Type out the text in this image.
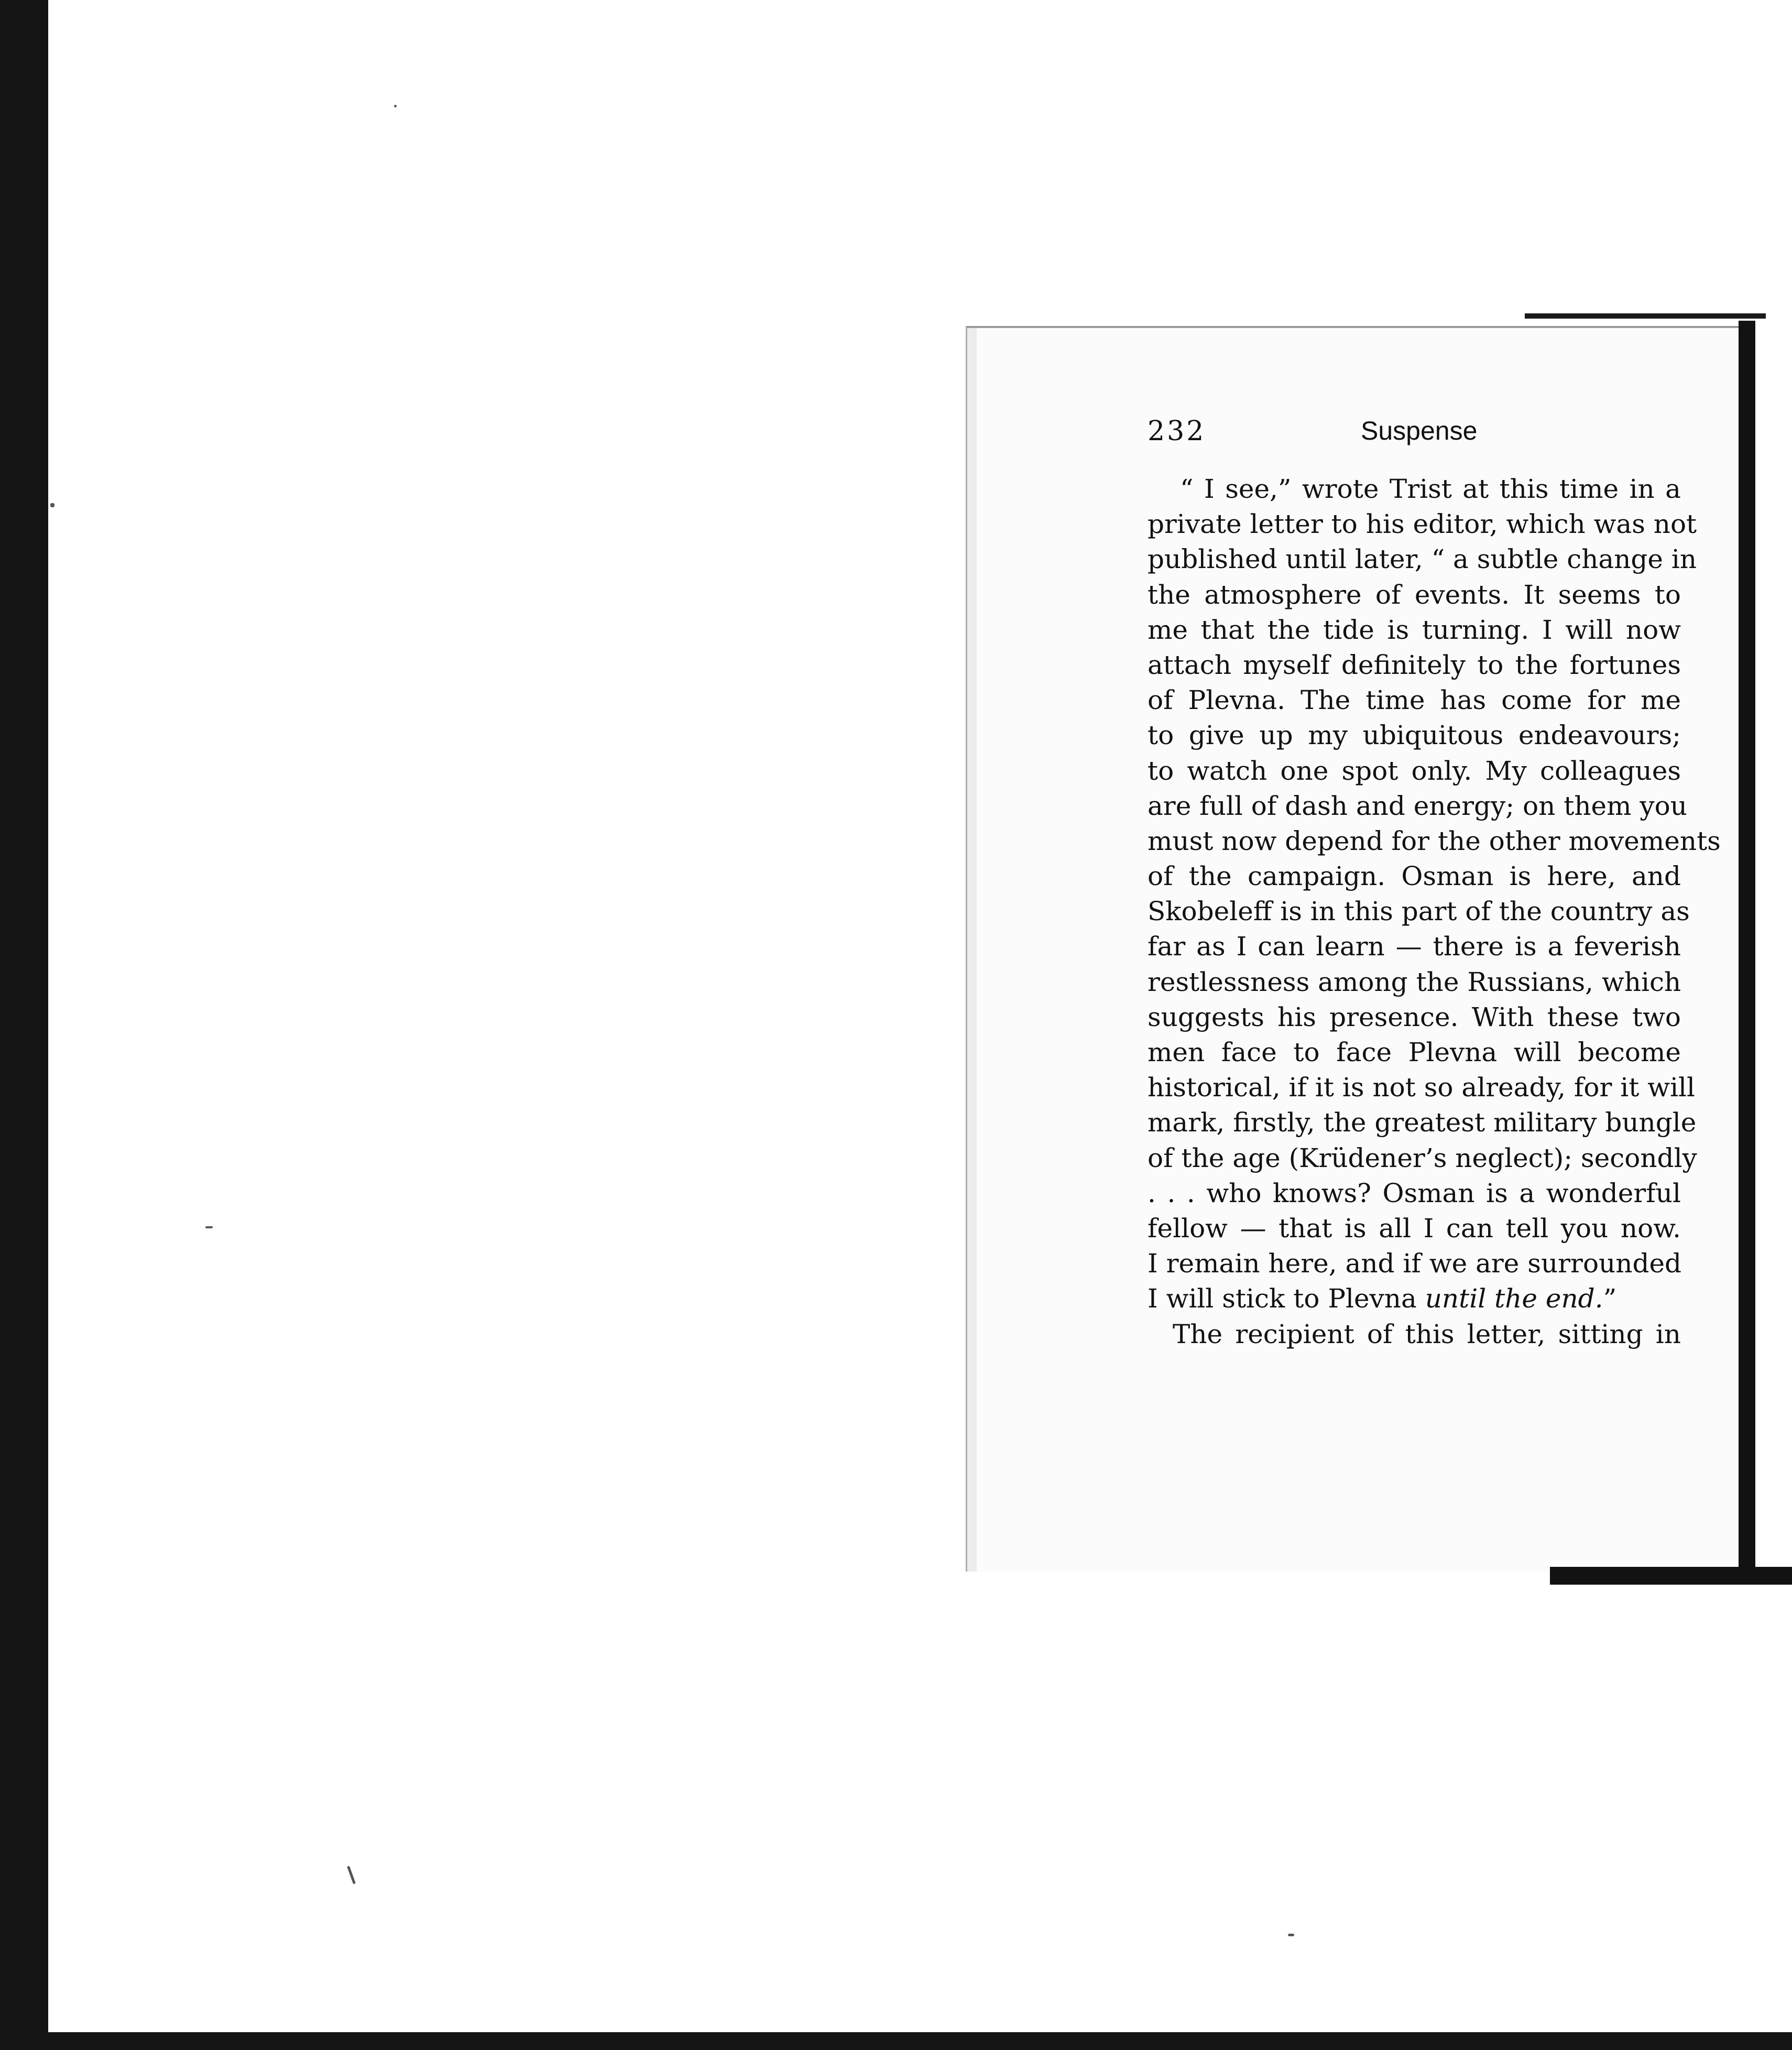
232	Suspense
“ I see,” wrote Trist at this time in a
private letter to his editor, which was not
published until later, “ a subtle change in
the atmosphere of events. It seems to
me that the tide is turning. I will now
attach myself definitely to the fortunes
of Plevna. The time has come for me
to give up my ubiquitous endeavours;
to watch one spot only. My colleagues
are full of dash and energy; on them you
must now depend for the other movements
of the campaign. Osman is here, and
Skobeleff is in this part of the country as
far as I can learn — there is a feverish
restlessness among the Russians, which
suggests his presence. With these two
men face to face Plevna will become
historical, if it is not so already, for it will
mark, firstly, the greatest military bungle
of the age (Krüdener’s neglect); secondly
. . . who knows? Osman is a wonderful
fellow — that is all I can tell you now.
I remain here, and if we are surrounded
I will stick to Plevna until the end.”
The recipient of this letter, sitting in
